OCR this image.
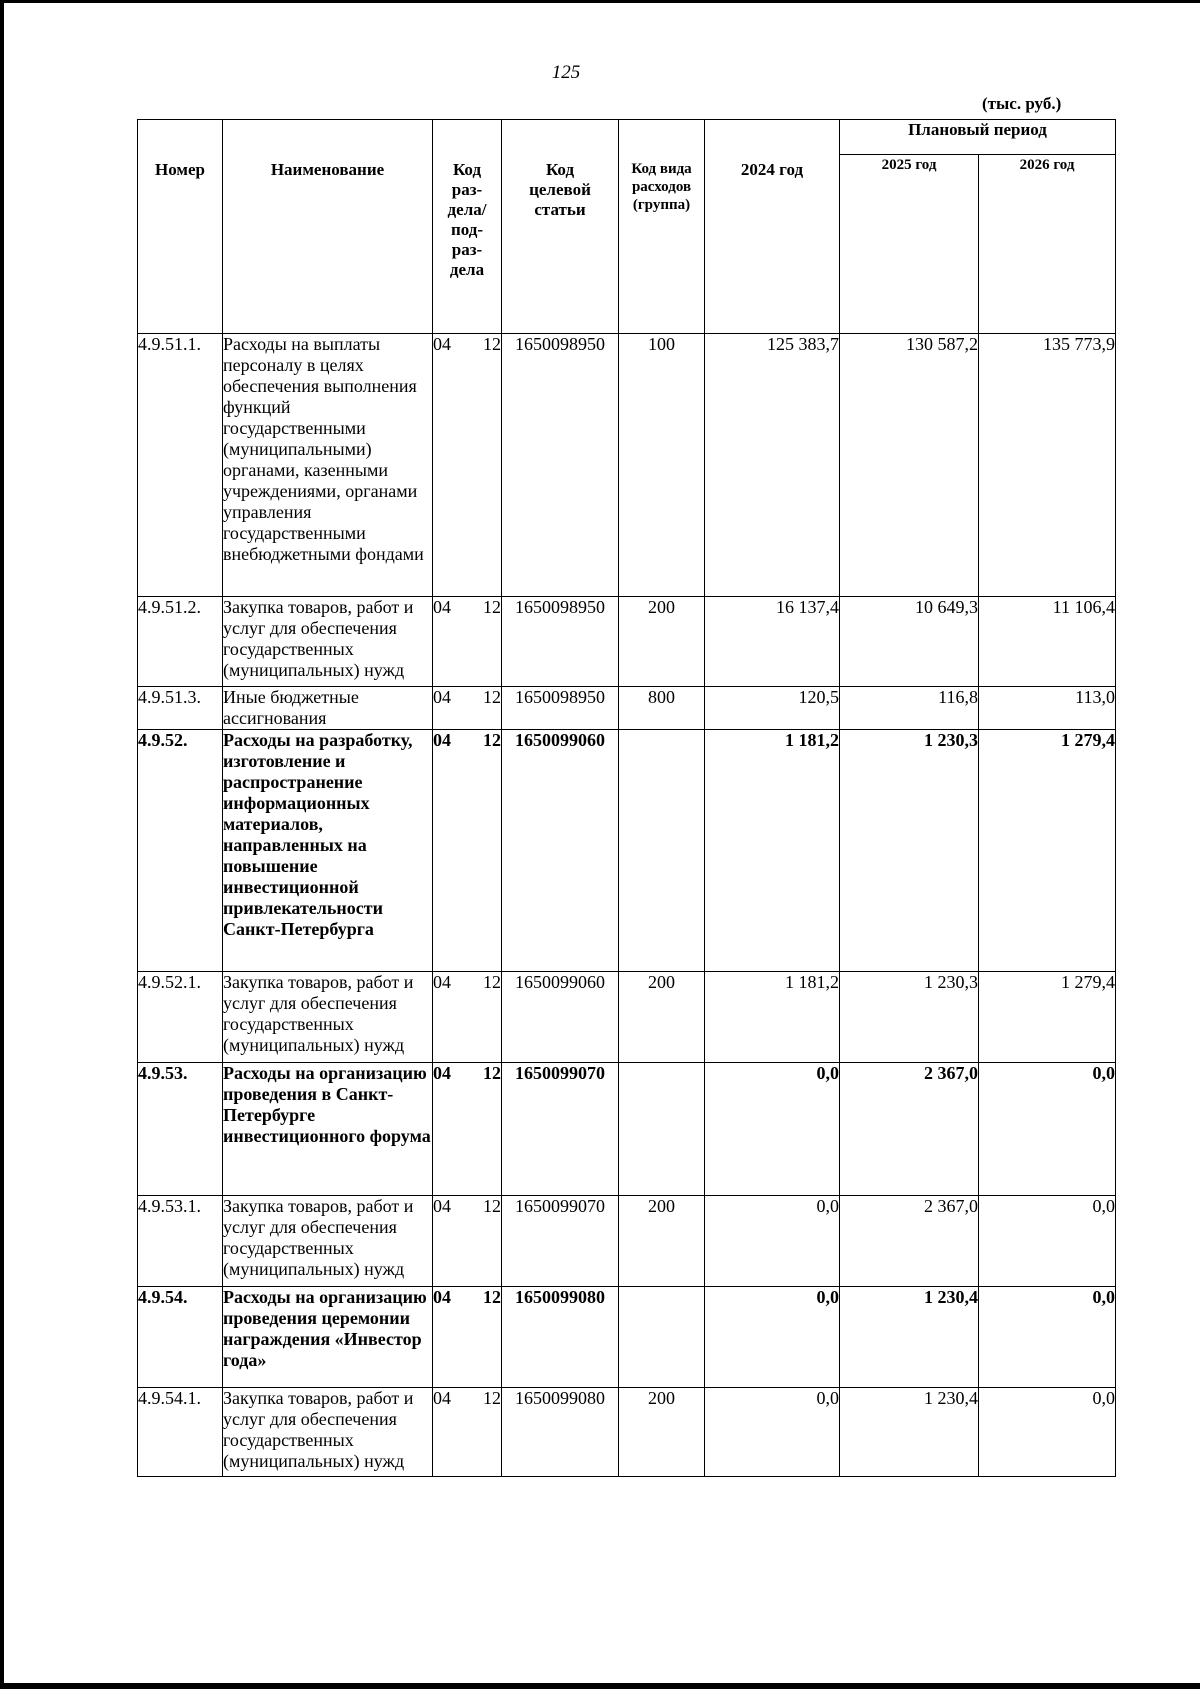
125
(тыс. руб.)
Номер	Наименование	Код раз-дела/ под-раз-дела	Код целевой статьи	Код вида расходов (группа)	2024 год	Плановый период	
						2025 год	2026 год
4.9.51.1.	Расходы на выплаты персоналу в целях обеспечения выполнения функций государственными (муниципальными) органами, казенными учреждениями, органами управления государственными внебюджетными фондами	04 12	1650098950	100	125 383,7	130 587,2	135 773,9
4.9.51.2.	Закупка товаров, работ и услуг для обеспечения государственных (муниципальных) нужд	04 12	1650098950	200	16 137,4	10 649,3	11 106,4
4.9.51.3.	Иные бюджетные ассигнования	04 12	1650098950	800	120,5	116,8	113,0
4.9.52.	Расходы на разработку, изготовление и распространение информационных материалов, направленных на повышение инвестиционной привлекательности Санкт-Петербурга	04 12	1650099060		1 181,2	1 230,3	1 279,4
4.9.52.1.	Закупка товаров, работ и услуг для обеспечения государственных (муниципальных) нужд	04 12	1650099060	200	1 181,2	1 230,3	1 279,4
4.9.53.	Расходы на организацию проведения в Санкт-Петербурге инвестиционного форума	04 12	1650099070		0,0	2 367,0	0,0
4.9.53.1.	Закупка товаров, работ и услуг для обеспечения государственных (муниципальных) нужд	04 12	1650099070	200	0,0	2 367,0	0,0
4.9.54.	Расходы на организацию проведения церемонии награждения «Инвестор года»	04 12	1650099080		0,0	1 230,4	0,0
4.9.54.1.	Закупка товаров, работ и услуг для обеспечения государственных (муниципальных) нужд	04 12	1650099080	200	0,0	1 230,4	0,0
